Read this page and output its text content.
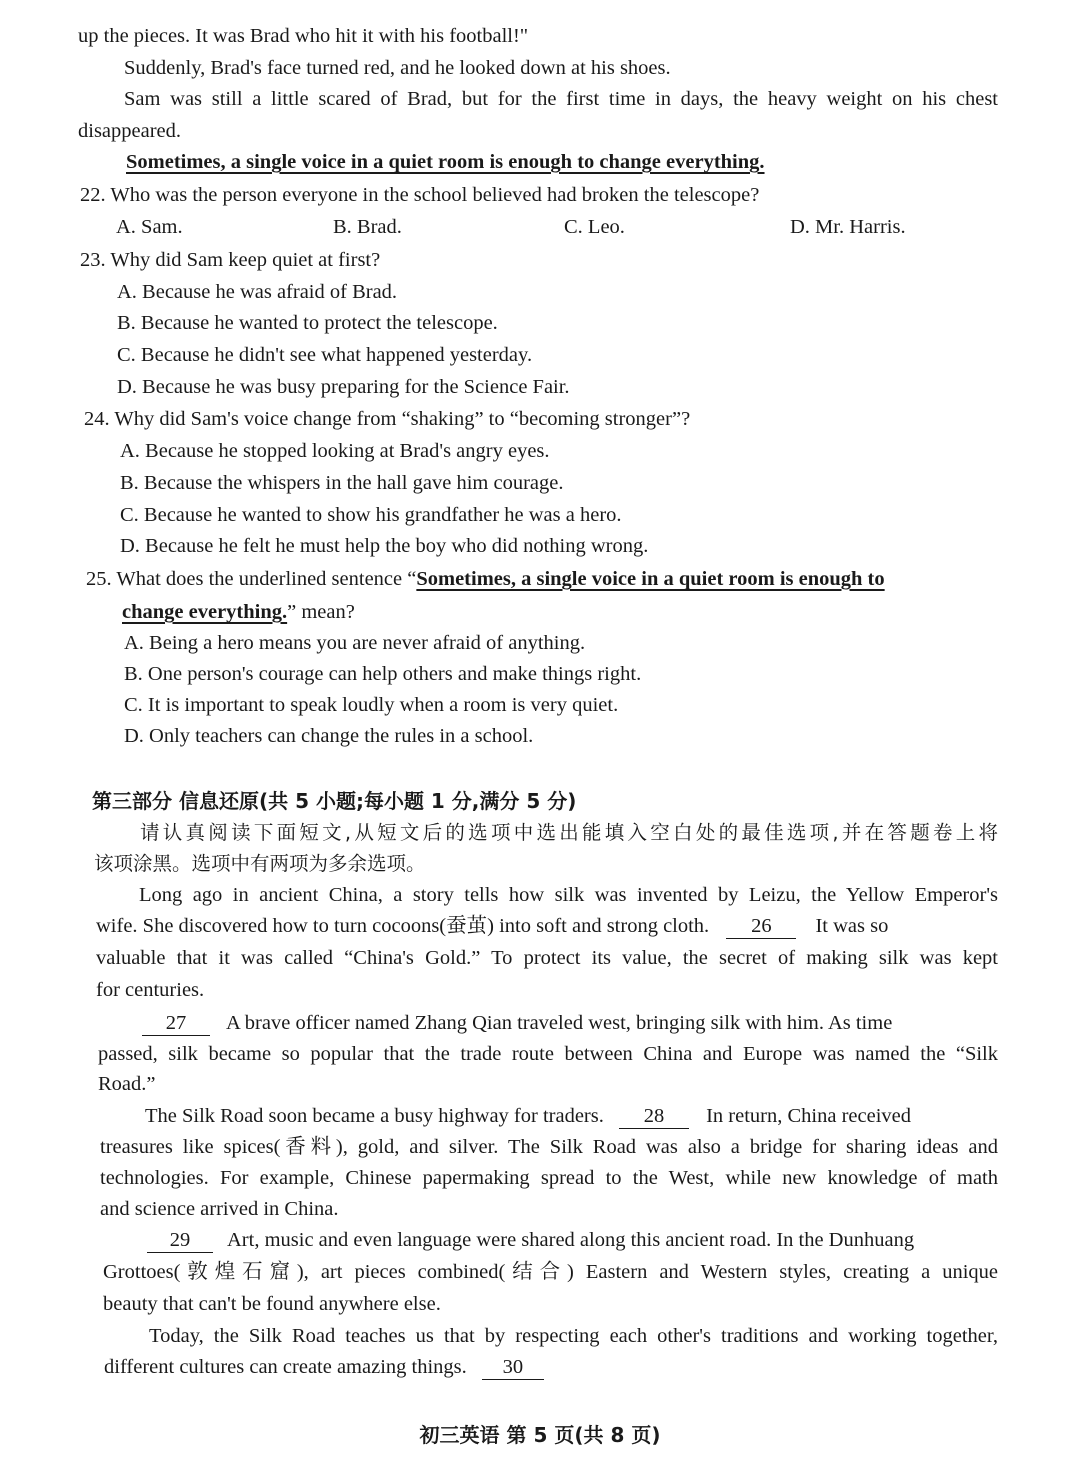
up the pieces. It was Brad who hit it with his football!"
Suddenly, Brad's face turned red, and he looked down at his shoes.
Sam was still a little scared of Brad, but for the first time in days, the heavy weight on his chest
disappeared.
Sometimes, a single voice in a quiet room is enough to change everything.
22. Who was the person everyone in the school believed had broken the telescope?
A. Sam.	B. Brad.	C. Leo.	D. Mr. Harris.
23. Why did Sam keep quiet at first?
A. Because he was afraid of Brad.
B. Because he wanted to protect the telescope.
C. Because he didn't see what happened yesterday.
D. Because he was busy preparing for the Science Fair.
24. Why did Sam's voice change from “shaking” to “becoming stronger”?
A. Because he stopped looking at Brad's angry eyes.
B. Because the whispers in the hall gave him courage.
C. Because he wanted to show his grandfather he was a hero.
D. Because he felt he must help the boy who did nothing wrong.
25. What does the underlined sentence “Sometimes, a single voice in a quiet room is enough to
change everything.” mean?
A. Being a hero means you are never afraid of anything.
B. One person's courage can help others and make things right.
C. It is important to speak loudly when a room is very quiet.
D. Only teachers can change the rules in a school.
第三部分 信息还原(共 5 小题;每小题 1 分,满分 5 分)
请认真阅读下面短文,从短文后的选项中选出能填入空白处的最佳选项,并在答题卷上将
该项涂黑。选项中有两项为多余选项。
Long ago in ancient China, a story tells how silk was invented by Leizu, the Yellow Emperor's
wife. She discovered how to turn cocoons(蚕茧) into soft and strong cloth. 26 It was so
valuable that it was called “China's Gold.” To protect its value, the secret of making silk was kept
for centuries.
27 A brave officer named Zhang Qian traveled west, bringing silk with him. As time
passed, silk became so popular that the trade route between China and Europe was named the “Silk
Road.”
The Silk Road soon became a busy highway for traders. 28 In return, China received
treasures like spices(香料), gold, and silver. The Silk Road was also a bridge for sharing ideas and
technologies. For example, Chinese papermaking spread to the West, while new knowledge of math
and science arrived in China.
29 Art, music and even language were shared along this ancient road. In the Dunhuang
Grottoes(敦煌石窟), art pieces combined(结合) Eastern and Western styles, creating a unique
beauty that can't be found anywhere else.
Today, the Silk Road teaches us that by respecting each other's traditions and working together,
different cultures can create amazing things. 30
初三英语 第 5 页(共 8 页)
